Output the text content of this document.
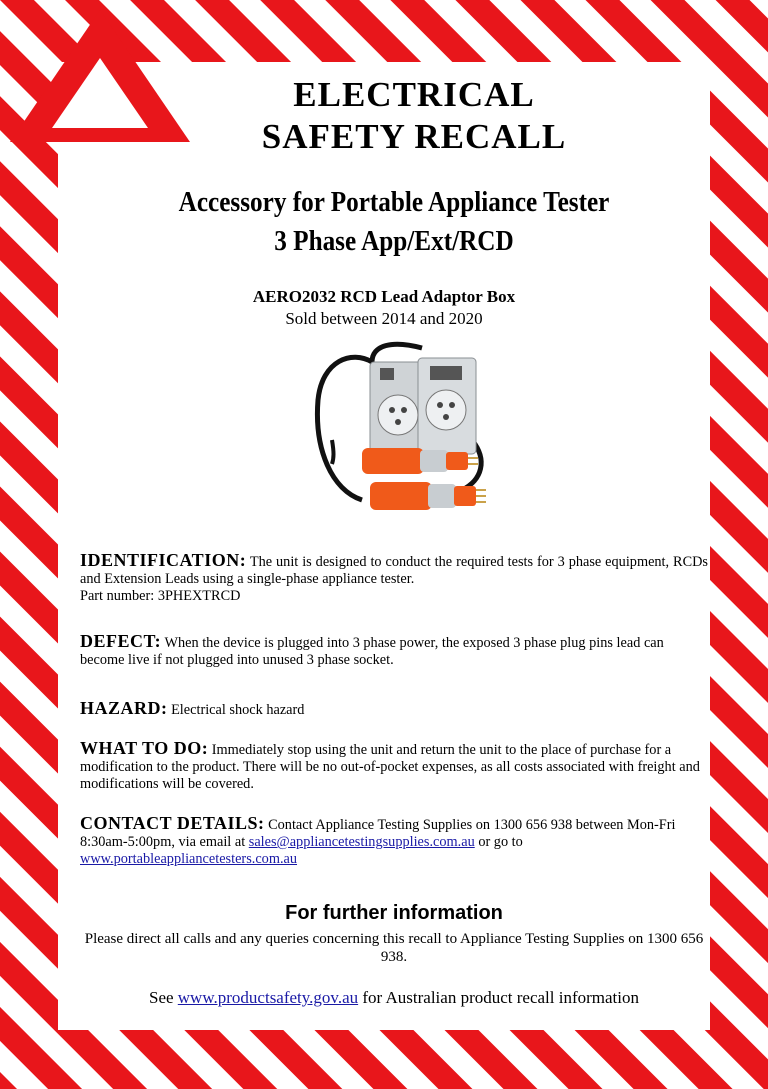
ELECTRICAL
SAFETY RECALL
Accessory for Portable Appliance Tester
3 Phase App/Ext/RCD
AERO2032 RCD Lead Adaptor Box
Sold between 2014 and 2020
IDENTIFICATION: The unit is designed to conduct the required tests for 3 phase equipment, RCDs and Extension Leads using a single-phase appliance tester.
Part number: 3PHEXTRCD
DEFECT: When the device is plugged into 3 phase power, the exposed 3 phase plug pins lead can become live if not plugged into unused 3 phase socket.
HAZARD: Electrical shock hazard
WHAT TO DO: Immediately stop using the unit and return the unit to the place of purchase for a modification to the product. There will be no out-of-pocket expenses, as all costs associated with freight and modifications will be covered.
CONTACT DETAILS: Contact Appliance Testing Supplies on 1300 656 938 between Mon-Fri 8:30am-5:00pm, via email at sales@appliancetestingsupplies.com.au or go to
www.portableappliancetesters.com.au
For further information
Please direct all calls and any queries concerning this recall to Appliance Testing Supplies on 1300 656 938.
See www.productsafety.gov.au for Australian product recall information
